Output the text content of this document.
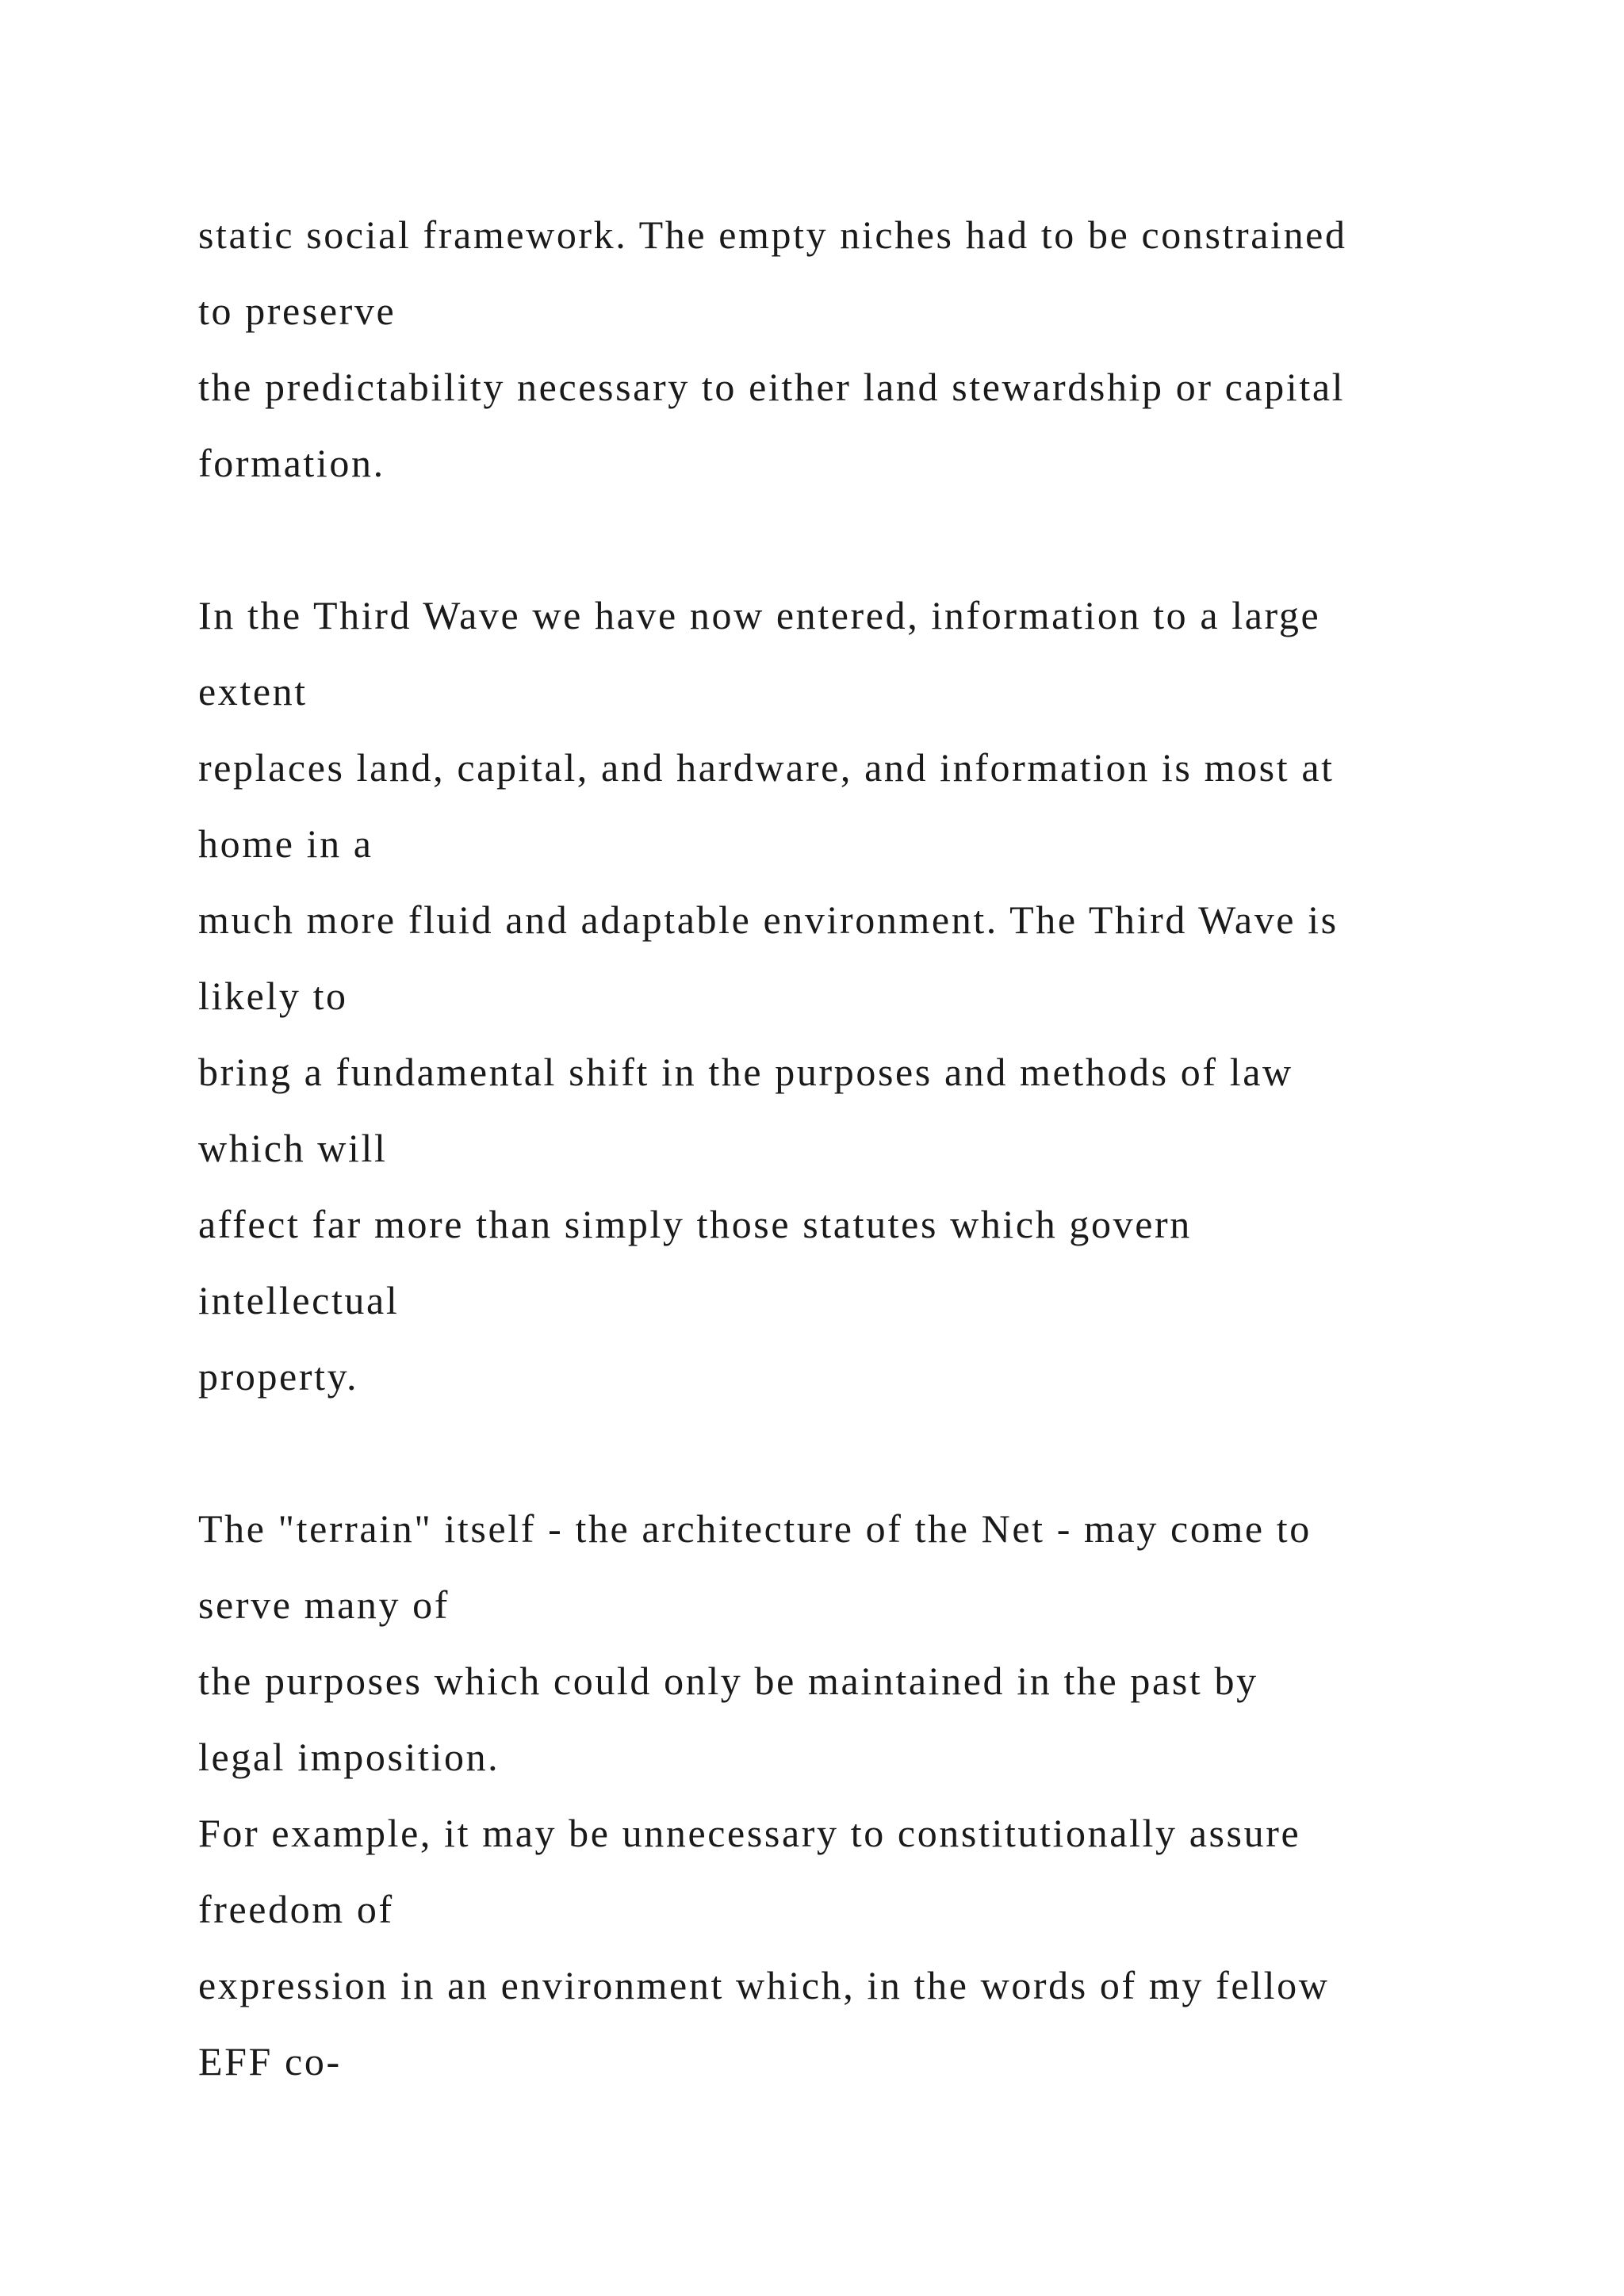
static social framework. The empty niches had to be constrained
to preserve
the predictability necessary to either land stewardship or capital
formation.
In the Third Wave we have now entered, information to a large
extent
replaces land, capital, and hardware, and information is most at
home in a
much more fluid and adaptable environment. The Third Wave is
likely to
bring a fundamental shift in the purposes and methods of law
which will
affect far more than simply those statutes which govern
intellectual
property.
The "terrain" itself - the architecture of the Net - may come to
serve many of
the purposes which could only be maintained in the past by
legal imposition.
For example, it may be unnecessary to constitutionally assure
freedom of
expression in an environment which, in the words of my fellow
EFF co-
